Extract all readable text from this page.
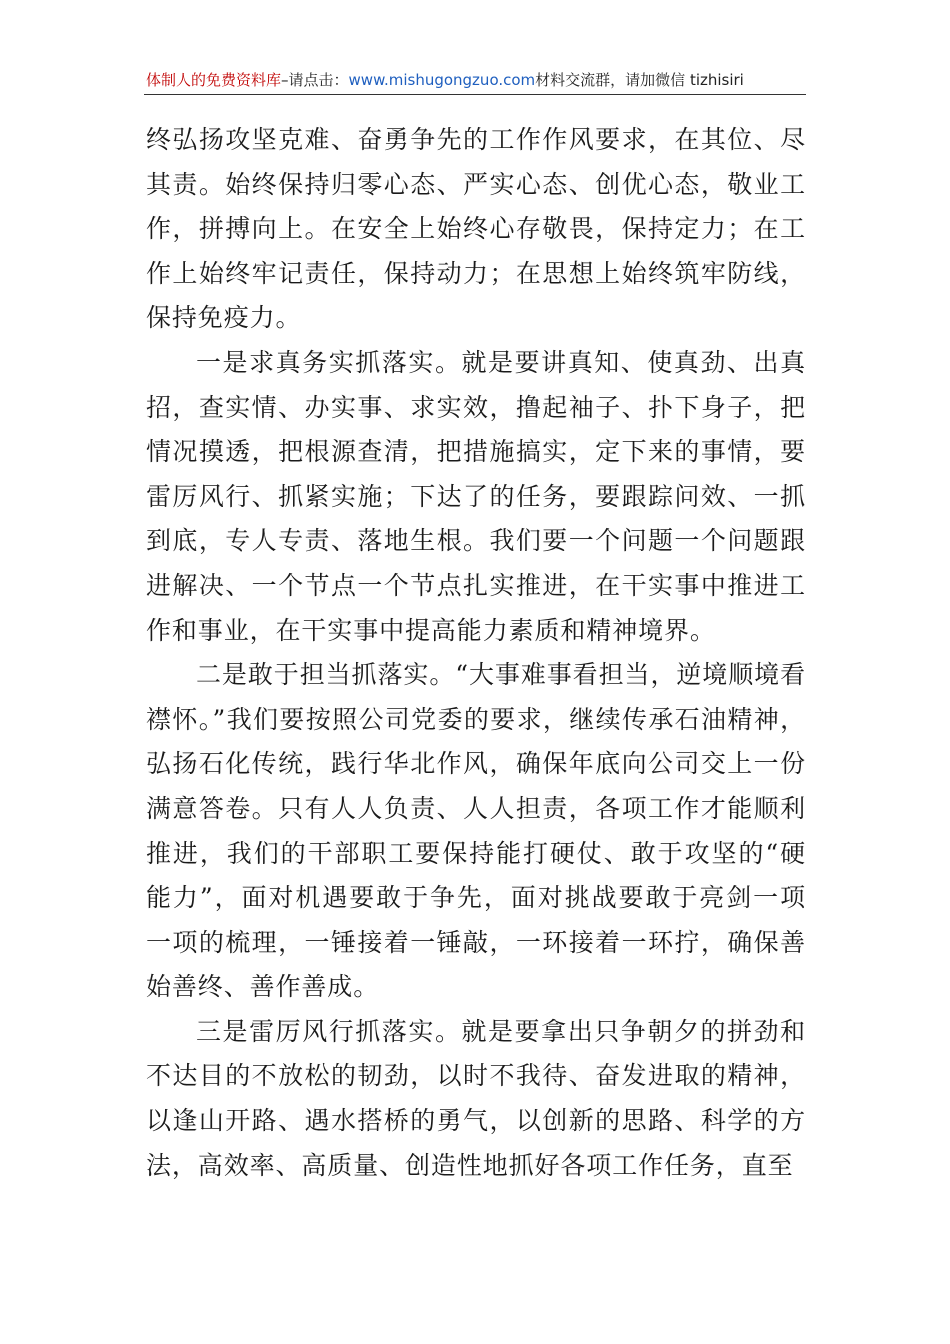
体制人的免费资料库–请点击：www.mishugongzuo.com材料交流群，请加微信 tizhisiri

终弘扬攻坚克难、奋勇争先的工作作风要求，在其位、尽其责。始终保持归零心态、严实心态、创优心态，敬业工作，拼搏向上。在安全上始终心存敬畏，保持定力；在工作上始终牢记责任，保持动力；在思想上始终筑牢防线，保持免疫力。

一是求真务实抓落实。就是要讲真知、使真劲、出真招，查实情、办实事、求实效，撸起袖子、扑下身子，把情况摸透，把根源查清，把措施搞实，定下来的事情，要雷厉风行、抓紧实施；下达了的任务，要跟踪问效、一抓到底，专人专责、落地生根。我们要一个问题一个问题跟进解决、一个节点一个节点扎实推进，在干实事中推进工作和事业，在干实事中提高能力素质和精神境界。

二是敢于担当抓落实。“大事难事看担当，逆境顺境看襟怀。”我们要按照公司党委的要求，继续传承石油精神，弘扬石化传统，践行华北作风，确保年底向公司交上一份满意答卷。只有人人负责、人人担责，各项工作才能顺利推进，我们的干部职工要保持能打硬仗、敢于攻坚的“硬能力”，面对机遇要敢于争先，面对挑战要敢于亮剑一项一项的梳理，一锤接着一锤敲，一环接着一环拧，确保善始善终、善作善成。

三是雷厉风行抓落实。就是要拿出只争朝夕的拼劲和不达目的不放松的韧劲，以时不我待、奋发进取的精神，以逢山开路、遇水搭桥的勇气，以创新的思路、科学的方法，高效率、高质量、创造性地抓好各项工作任务，直至
